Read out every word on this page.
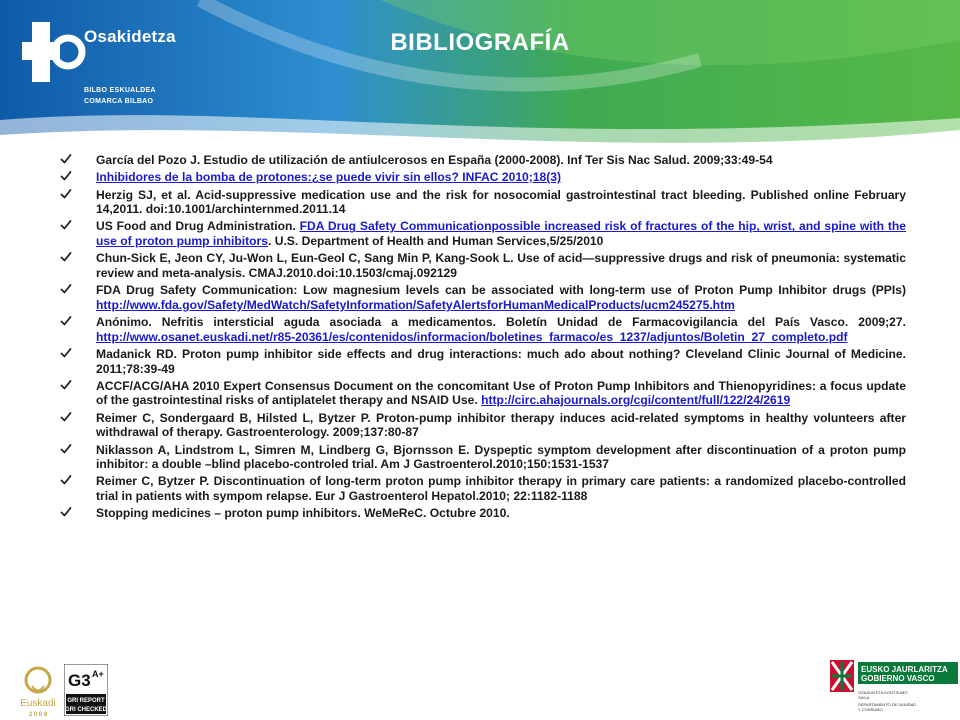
Osakidetza
BILBO ESKUALDEA
COMARCA BILBAO
BIBLIOGRAFÍA
García del Pozo J. Estudio de utilización de antiulcerosos en España (2000-2008). Inf Ter Sis Nac Salud. 2009;33:49-54
Inhibidores de la bomba de protones:¿se puede vivir sin ellos? INFAC 2010;18(3)
Herzig SJ, et al. Acid-suppressive medication use and the risk for nosocomial gastrointestinal tract bleeding. Published online February 14,2011. doi:10.1001/archinternmed.2011.14
US Food and Drug Administration. FDA Drug Safety Communicationpossible increased risk of fractures of the hip, wrist, and spine with the use of proton pump inhibitors. U.S. Department of Health and Human Services,5/25/2010
Chun-Sick E, Jeon CY, Ju-Won L, Eun-Geol C, Sang Min P, Kang-Sook L. Use of acid—suppressive drugs and risk of pneumonia: systematic review and meta-analysis. CMAJ.2010.doi:10.1503/cmaj.092129
FDA Drug Safety Communication: Low magnesium levels can be associated with long-term use of Proton Pump Inhibitor drugs (PPIs) http://www.fda.gov/Safety/MedWatch/SafetyInformation/SafetyAlertsforHumanMedicalProducts/ucm245275.htm
Anónimo. Nefritis intersticial aguda asociada a medicamentos. Boletín Unidad de Farmacovigilancia del País Vasco. 2009;27. http://www.osanet.euskadi.net/r85-20361/es/contenidos/informacion/boletines_farmaco/es_1237/adjuntos/Boletin_27_completo.pdf
Madanick RD. Proton pump inhibitor side effects and drug interactions: much ado about nothing? Cleveland Clinic Journal of Medicine. 2011;78:39-49
ACCF/ACG/AHA 2010 Expert Consensus Document on the concomitant Use of Proton Pump Inhibitors and Thienopyridines: a focus update of the gastrointestinal risks of antiplatelet therapy and NSAID Use. http://circ.ahajournals.org/cgi/content/full/122/24/2619
Reimer C, Sondergaard B, Hilsted L, Bytzer P. Proton-pump inhibitor therapy induces acid-related symptoms in healthy volunteers after withdrawal of therapy. Gastroenterology. 2009;137:80-87
Niklasson A, Lindstrom L, Simren M, Lindberg G, Bjornsson E. Dyspeptic symptom development after discontinuation of a proton pump inhibitor: a double –blind placebo-controled trial. Am J Gastroenterol.2010;150:1531-1537
Reimer C, Bytzer P. Discontinuation of long-term proton pump inhibitor therapy in primary care patients: a randomized placebo-controlled trial in patients with sympom relapse. Eur J Gastroenterol Hepatol.2010; 22:1182-1188
Stopping medicines – proton pump inhibitors. WeMeReC. Octubre 2010.
Euskadi
2 0 0 8
G3 A+
GRI REPORT
GRI CHECKED
EUSKO JAURLARITZA
GOBIERNO VASCO
OSASUN ETA KONTSUMO
SAILA
DEPARTAMENTO DE SANIDAD
Y CONSUMO
